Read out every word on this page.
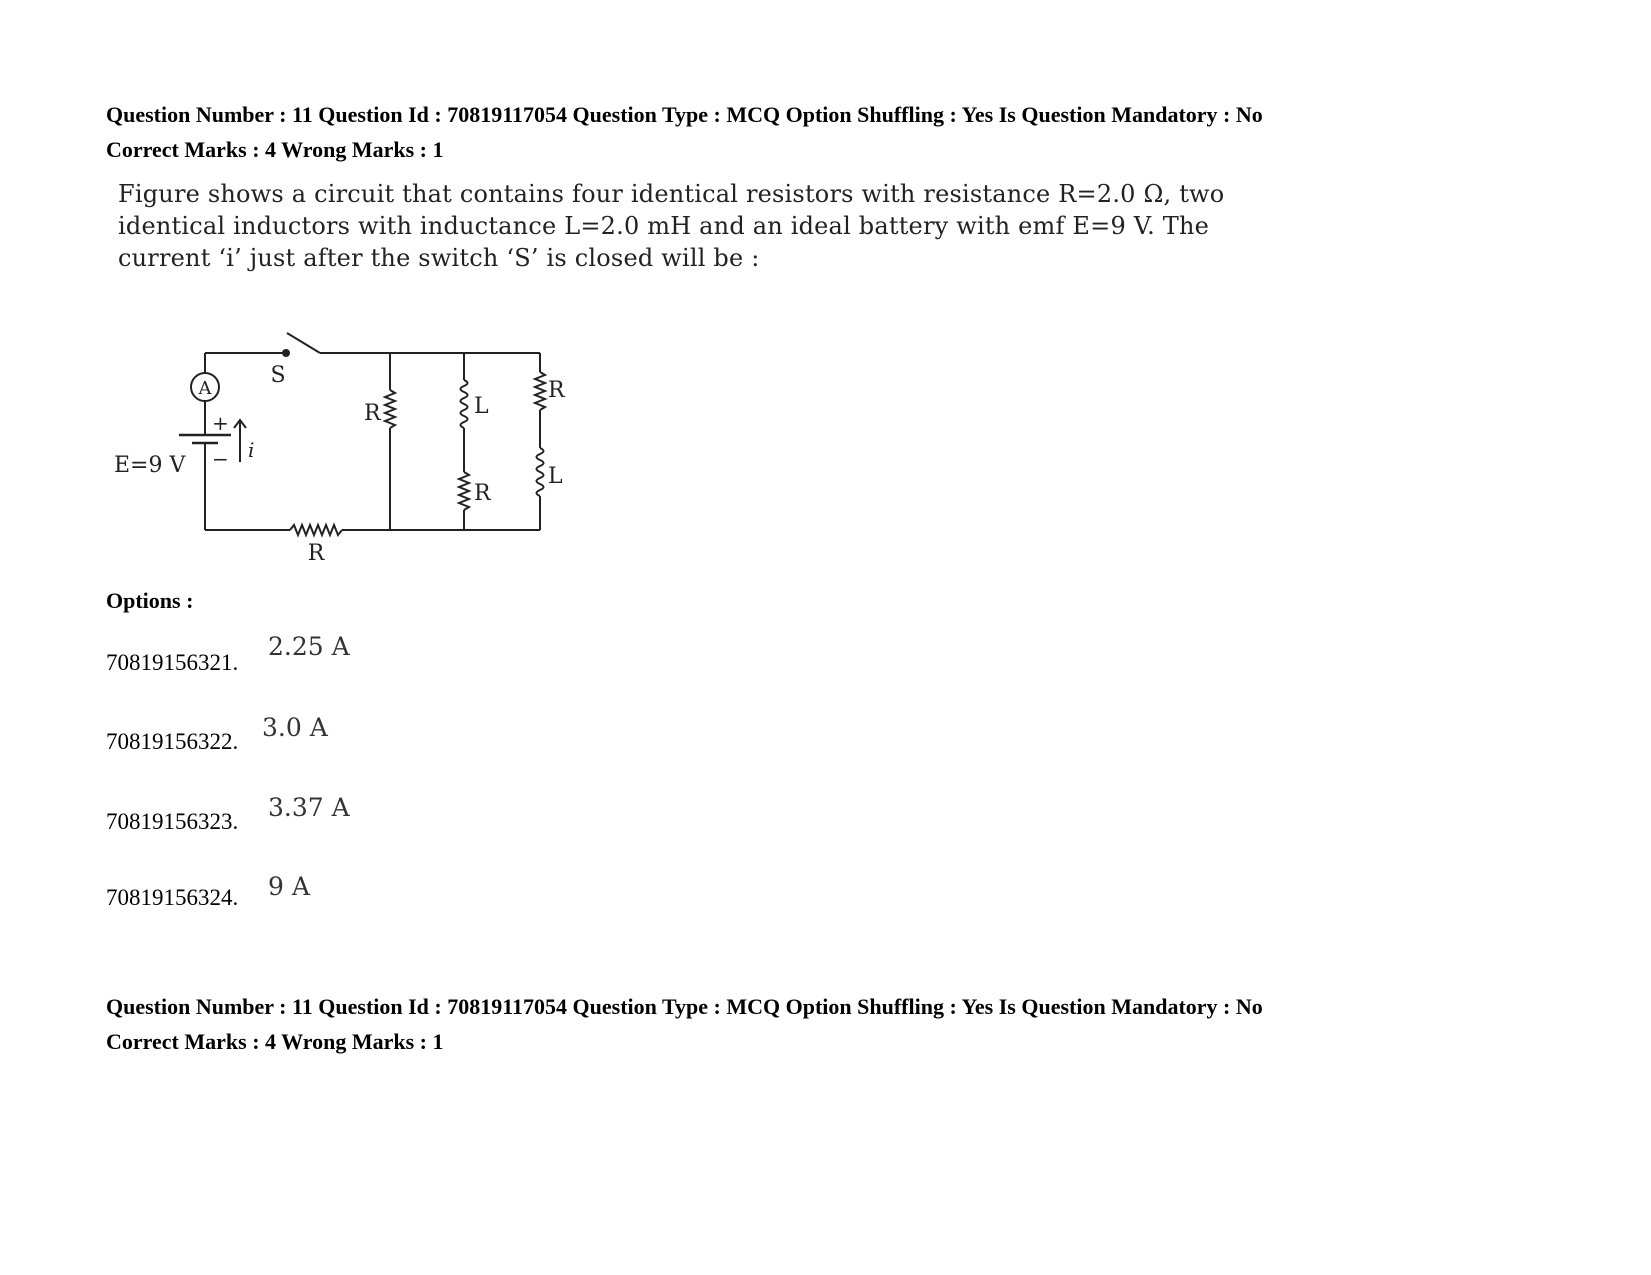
Question Number : 11 Question Id : 70819117054 Question Type : MCQ Option Shuffling : Yes Is Question Mandatory : No
Correct Marks : 4 Wrong Marks : 1
Figure shows a circuit that contains four identical resistors with resistance R=2.0 Ω, two
identical inductors with inductance L=2.0 mH and an ideal battery with emf E=9 V. The
current ‘i’ just after the switch ‘S’ is closed will be :
A
S
+
−
E=9 V
i
R
R	L
R
R
L
Options :
70819156321.
2.25 A
70819156322. 3.0 A
70819156323. 3.37 A
70819156324. 9 A
Question Number : 11 Question Id : 70819117054 Question Type : MCQ Option Shuffling : Yes Is Question Mandatory : No
Correct Marks : 4 Wrong Marks : 1
